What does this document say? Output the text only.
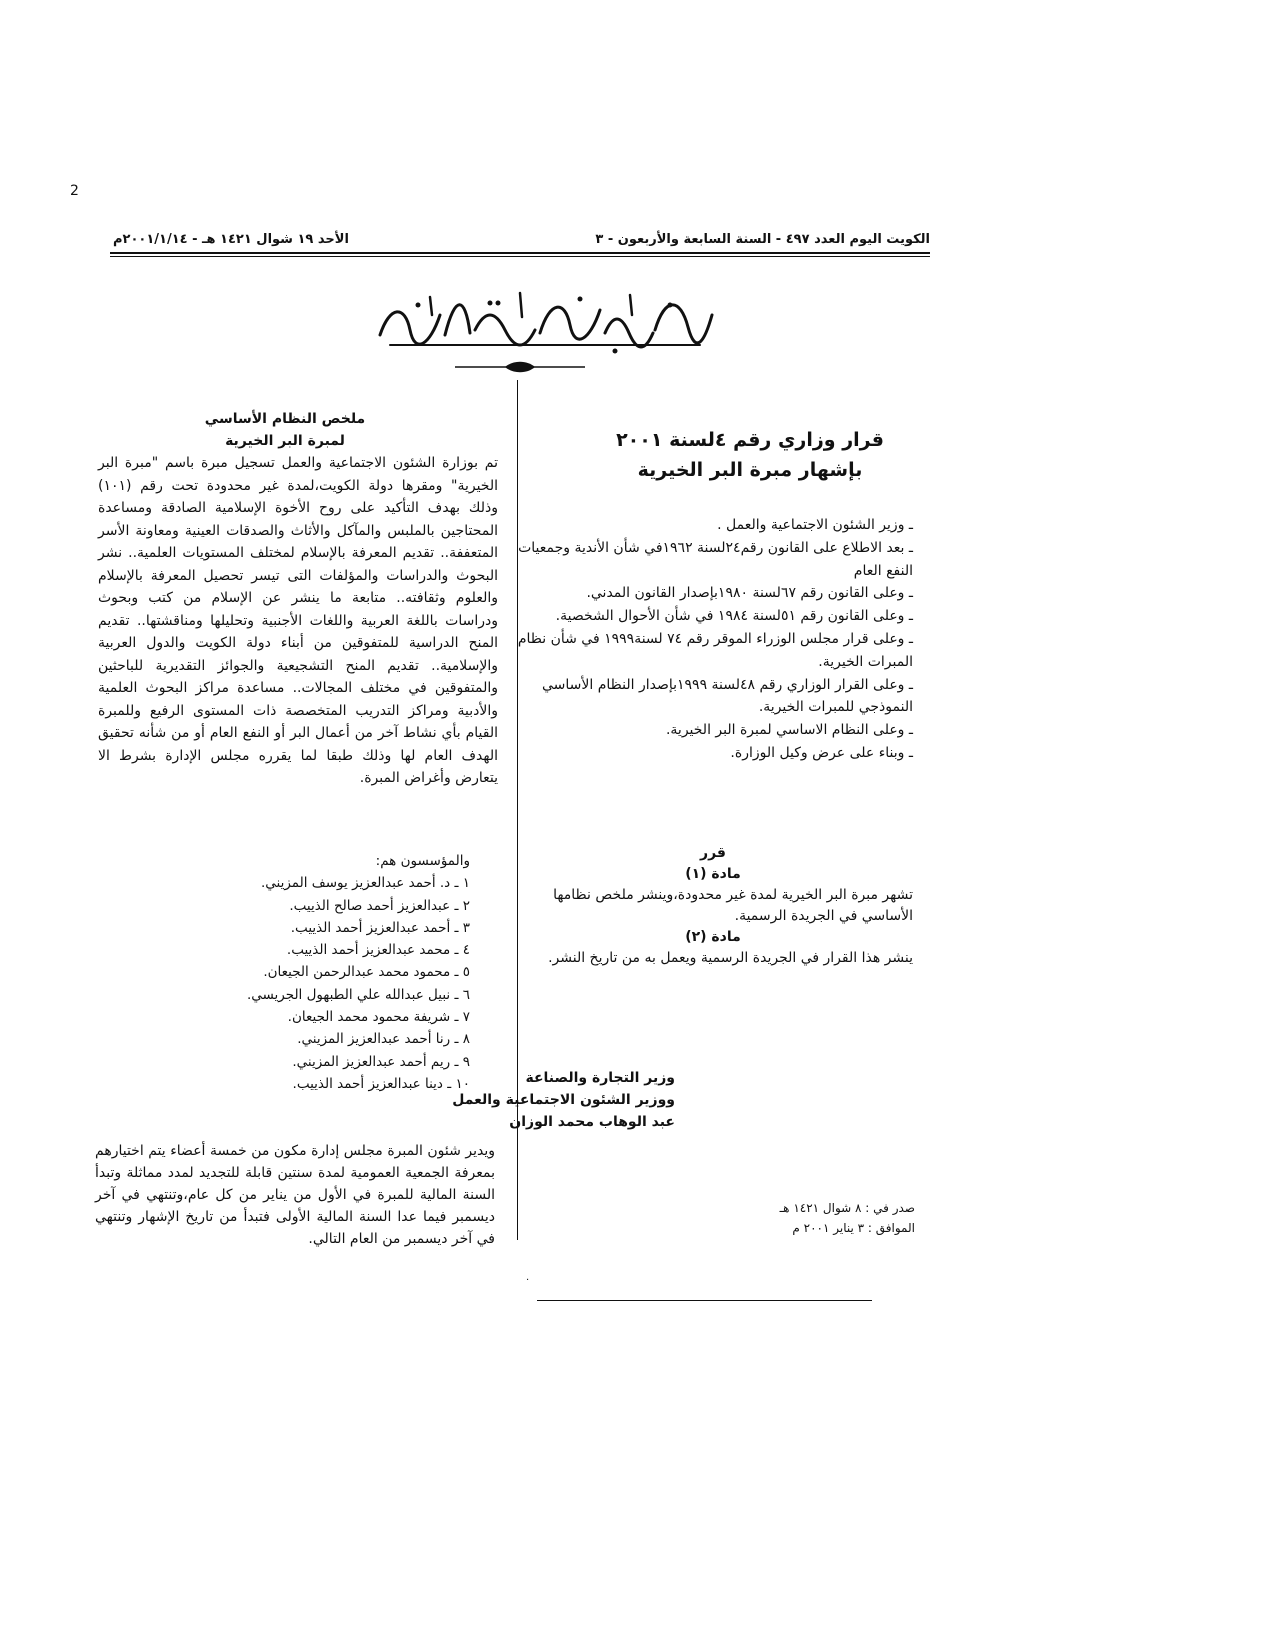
2
الكويت اليوم العدد ٤٩٧ - السنة السابعة والأربعون - ٣
الأحد ١٩ شوال ١٤٢١ هـ - ٢٠٠١/١/١٤م
وزارة الشؤون الاجتماعية والعمل
قرار وزاري رقم ٤لسنة ٢٠٠١
بإشهار مبرة البر الخيرية

ـ وزير الشئون الاجتماعية والعمل .

ـ بعد الاطلاع على القانون رقم٢٤لسنة ١٩٦٢في شأن الأندية وجمعيات النفع العام

ـ وعلى القانون رقم ٦٧لسنة ١٩٨٠بإصدار القانون المدني.

ـ وعلى القانون رقم ٥١لسنة ١٩٨٤ في شأن الأحوال الشخصية.

ـ وعلى قرار مجلس الوزراء الموقر رقم ٧٤ لسنة١٩٩٩ في شأن نظام المبرات الخيرية.

ـ وعلى القرار الوزاري رقم ٤٨لسنة ١٩٩٩بإصدار النظام الأساسي النموذجي للمبرات الخيرية.

ـ وعلى النظام الاساسي لمبرة البر الخيرية.

ـ وبناء على عرض وكيل الوزارة.

قرر

مادة (١)

تشهر مبرة البر الخيرية لمدة غير محدودة،وينشر ملخص نظامها الأساسي في الجريدة الرسمية.

مادة (٢)

ينشر هذا القرار في الجريدة الرسمية ويعمل به من تاريخ النشر.

وزير التجارة والصناعة
ووزير الشئون الاجتماعية والعمل
عبد الوهاب محمد الوزان
صدر في : ٨ شوال ١٤٢١ هـ
الموافق : ٣ يناير ٢٠٠١ م
·
ملخص النظام الأساسي
لمبرة البر الخيرية
تم بوزارة الشئون الاجتماعية والعمل تسجيل مبرة باسم "مبرة البر الخيرية" ومقرها دولة الكويت،لمدة غير محدودة تحت رقم (١٠١) وذلك بهدف التأكيد على روح الأخوة الإسلامية الصادقة ومساعدة المحتاجين بالملبس والمآكل والأثاث والصدقات العينية ومعاونة الأسر المتعففة.. تقديم المعرفة بالإسلام لمختلف المستويات العلمية.. نشر البحوث والدراسات والمؤلفات التى تيسر تحصيل المعرفة بالإسلام والعلوم وثقافته.. متابعة ما ينشر عن الإسلام من كتب وبحوث ودراسات باللغة العربية واللغات الأجنبية وتحليلها ومناقشتها.. تقديم المنح الدراسية للمتفوقين من أبناء دولة الكويت والدول العربية والإسلامية.. تقديم المنح التشجيعية والجوائز التقديرية للباحثين والمتفوقين في مختلف المجالات.. مساعدة مراكز البحوث العلمية والأدبية ومراكز التدريب المتخصصة ذات المستوى الرفيع وللمبرة القيام بأي نشاط آخر من أعمال البر أو النفع العام أو من شأنه تحقيق الهدف العام لها وذلك طبقا لما يقرره مجلس الإدارة بشرط الا يتعارض وأغراض المبرة.
والمؤسسون هم:
١ ـ د. أحمد عبدالعزيز يوسف المزيني.
٢ ـ عبدالعزيز أحمد صالح الذييب.
٣ ـ أحمد عبدالعزيز أحمد الذييب.
٤ ـ محمد عبدالعزيز أحمد الذييب.
٥ ـ محمود محمد عبدالرحمن الجيعان.
٦ ـ نبيل عبدالله علي الطبهول الجريسي.
٧ ـ شريفة محمود محمد الجيعان.
٨ ـ رنا أحمد عبدالعزيز المزيني.
٩ ـ ريم أحمد عبدالعزيز المزيني.
١٠ ـ دينا عبدالعزيز أحمد الذييب.
ويدير شئون المبرة مجلس إدارة مكون من خمسة أعضاء يتم اختيارهم بمعرفة الجمعية العمومية لمدة سنتين قابلة للتجديد لمدد مماثلة وتبدأ السنة المالية للمبرة في الأول من يناير من كل عام،وتنتهي في آخر ديسمبر فيما عدا السنة المالية الأولى فتبدأ من تاريخ الإشهار وتنتهي في آخر ديسمبر من العام التالي.
